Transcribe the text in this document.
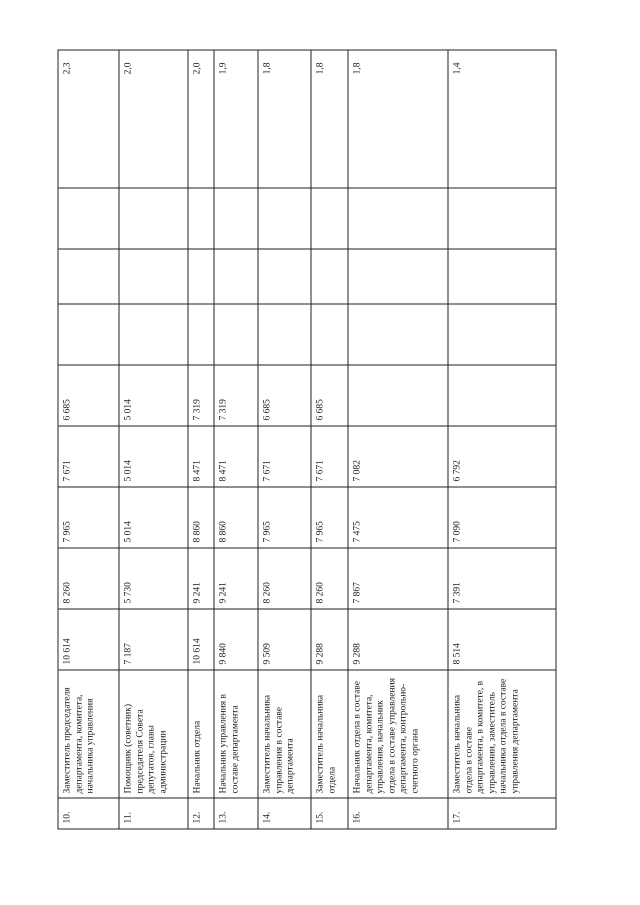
10.	Заместитель председателя департамента, комитета, начальника управления	10 614	8 260	7 965	7 671	6 685				2,3
11.	Помощник (советник) председателя Совета депутатов, главы администрации	7 187	5 730	5 014	5 014	5 014				2,0
12.	Начальник отдела	10 614	9 241	8 860	8 471	7 319				2,0
13.	Начальник управления в составе департамента	9 840	9 241	8 860	8 471	7 319				1,9
14.	Заместитель начальника управления в составе департамента	9 509	8 260	7 965	7 671	6 685				1,8
15.	Заместитель начальника отдела	9 288	8 260	7 965	7 671	6 685				1,8
16.	Начальник отдела в составе департамента, комитета, управления, начальник отдела в составе управления департамента, контрольно-счетного органа	9 288	7 867	7 475	7 082					1,8
17.	Заместитель начальника отдела в составе департамента, в комитете, в управлении, заместитель начальника отдела в составе управления департамента	8 514	7 391	7 090	6 792					1,4
